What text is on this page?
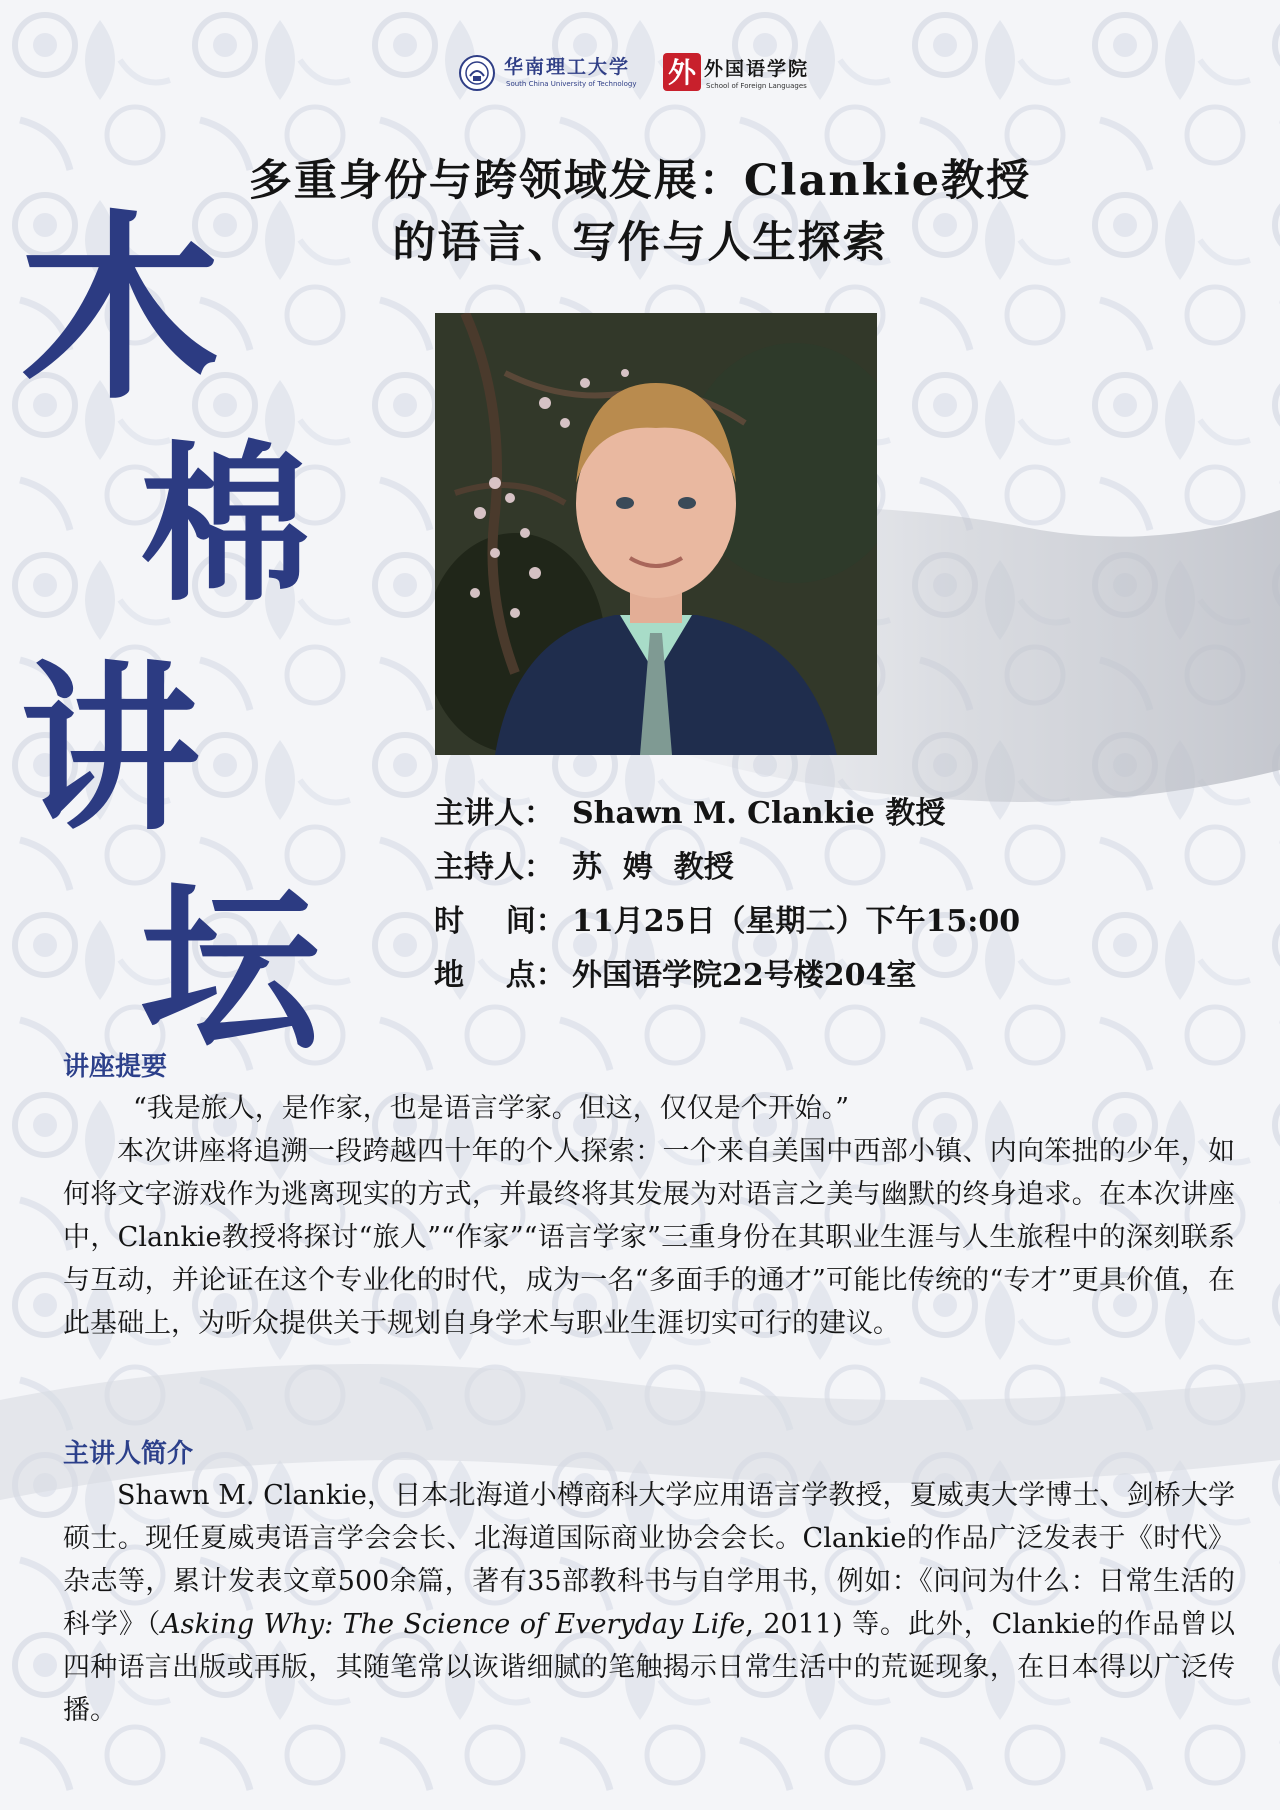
华南理工大学
South China University of Technology 外 外国语学院
School of Foreign Languages
多重身份与跨领域发展：Clankie教授
的语言、写作与人生探索
木
棉
讲
坛
主讲人： Shawn M. Clankie 教授
主持人： 苏  娉  教授
时    间： 11月25日（星期二）下午15:00
地    点： 外国语学院22号楼204室
讲座提要

“我是旅人，是作家，也是语言学家。但这，仅仅是个开始。”

本次讲座将追溯一段跨越四十年的个人探索：一个来自美国中西部小镇、内向笨拙的少年，如何将文字游戏作为逃离现实的方式，并最终将其发展为对语言之美与幽默的终身追求。在本次讲座中，Clankie教授将探讨“旅人”“作家”“语言学家”三重身份在其职业生涯与人生旅程中的深刻联系与互动，并论证在这个专业化的时代，成为一名“多面手的通才”可能比传统的“专才”更具价值，在此基础上，为听众提供关于规划自身学术与职业生涯切实可行的建议。

主讲人简介

Shawn M. Clankie，日本北海道小樽商科大学应用语言学教授，夏威夷大学博士、剑桥大学硕士。现任夏威夷语言学会会长、北海道国际商业协会会长。Clankie的作品广泛发表于《时代》杂志等，累计发表文章500余篇，著有35部教科书与自学用书，例如：《问问为什么：日常生活的科学》（Asking Why: The Science of Everyday Life, 2011) 等。此外，Clankie的作品曾以四种语言出版或再版，其随笔常以诙谐细腻的笔触揭示日常生活中的荒诞现象，在日本得以广泛传播。
